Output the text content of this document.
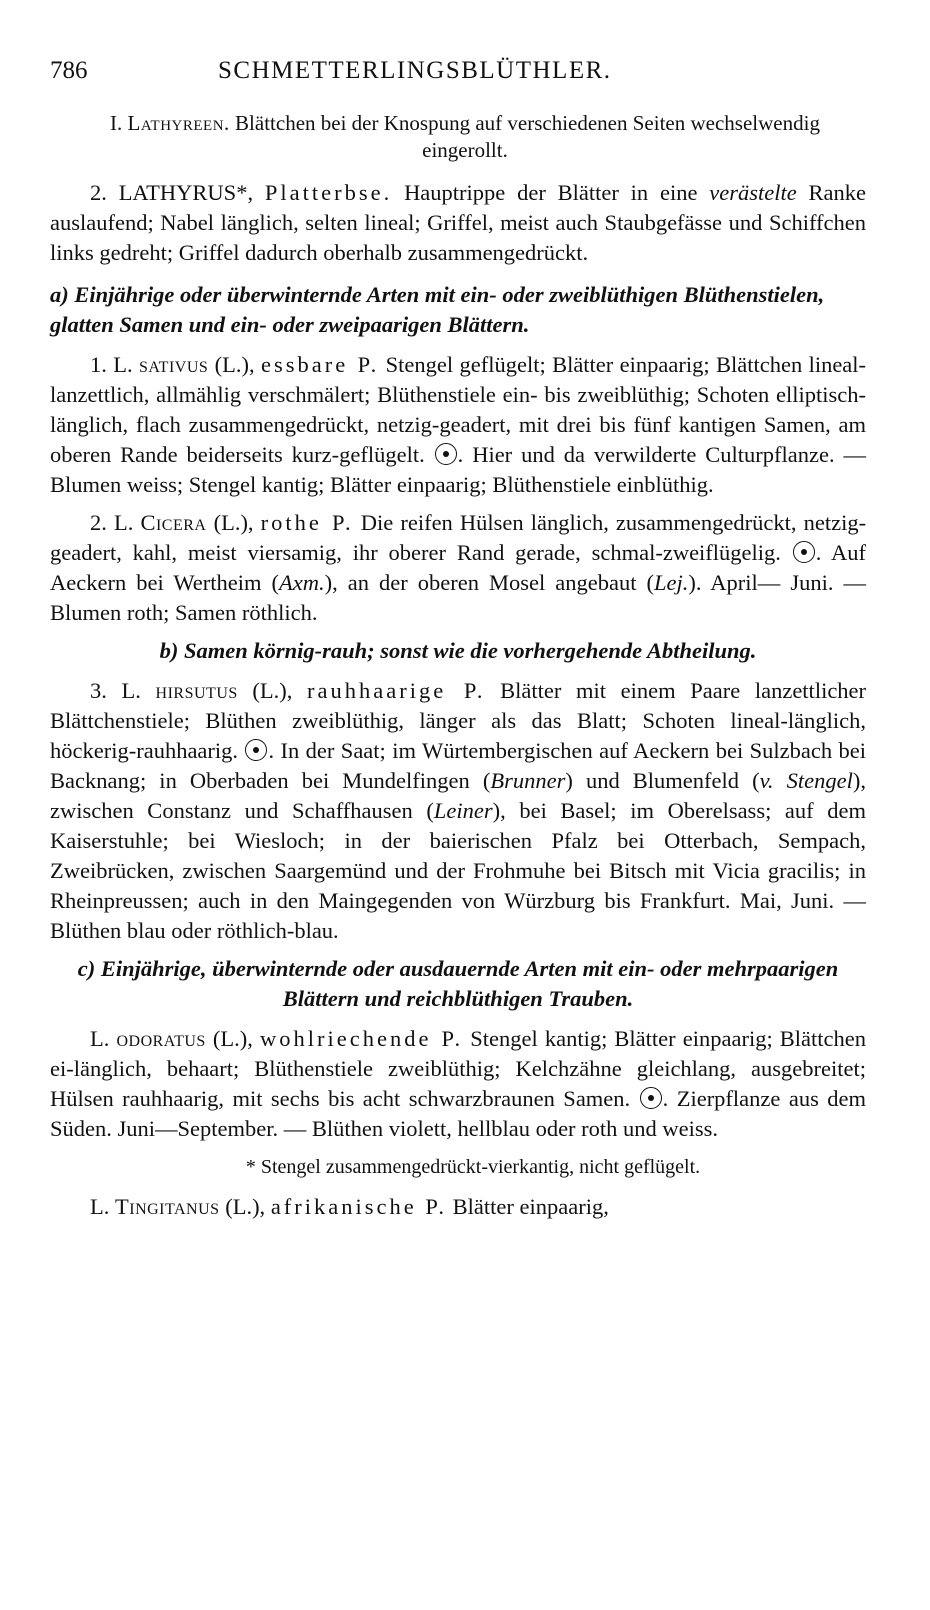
786	SCHMETTERLINGSBLÜTHLER.

I. Lathyreen. Blättchen bei der Knospung auf verschiedenen Seiten wechselwendig eingerollt.

2. LATHYRUS*, Platterbse. Hauptrippe der Blätter in eine verästelte Ranke auslaufend; Nabel länglich, selten lineal; Griffel, meist auch Staubgefässe und Schiffchen links gedreht; Griffel dadurch oberhalb zusammengedrückt.

a) Einjährige oder überwinternde Arten mit ein- oder zweiblüthigen Blüthenstielen, glatten Samen und ein- oder zweipaarigen Blättern.

1. L. sativus (L.), essbare P. Stengel geflügelt; Blätter einpaarig; Blättchen lineal-lanzettlich, allmählig verschmälert; Blüthenstiele ein- bis zweiblüthig; Schoten elliptisch-länglich, flach zusammengedrückt, netzig-geadert, mit drei bis fünf kantigen Samen, am oberen Rande beiderseits kurz-geflügelt. . Hier und da verwilderte Culturpflanze. — Blumen weiss; Stengel kantig; Blätter einpaarig; Blüthenstiele einblüthig.

2. L. Cicera (L.), rothe P. Die reifen Hülsen länglich, zusammengedrückt, netzig-geadert, kahl, meist viersamig, ihr oberer Rand gerade, schmal-zweiflügelig. . Auf Aeckern bei Wertheim (Axm.), an der oberen Mosel angebaut (Lej.). April— Juni. — Blumen roth; Samen röthlich.

b) Samen körnig-rauh; sonst wie die vorhergehende Abtheilung.

3. L. hirsutus (L.), rauhhaarige P. Blätter mit einem Paare lanzettlicher Blättchenstiele; Blüthen zweiblüthig, länger als das Blatt; Schoten lineal-länglich, höckerig-rauhhaarig. . In der Saat; im Würtembergischen auf Aeckern bei Sulzbach bei Backnang; in Oberbaden bei Mundelfingen (Brunner) und Blumenfeld (v. Stengel), zwischen Constanz und Schaffhausen (Leiner), bei Basel; im Oberelsass; auf dem Kaiserstuhle; bei Wiesloch; in der baierischen Pfalz bei Otterbach, Sempach, Zweibrücken, zwischen Saargemünd und der Frohmuhe bei Bitsch mit Vicia gracilis; in Rheinpreussen; auch in den Maingegenden von Würzburg bis Frankfurt. Mai, Juni. — Blüthen blau oder röthlich-blau.

c) Einjährige, überwinternde oder ausdauernde Arten mit ein- oder mehrpaarigen Blättern und reichblüthigen Trauben.

L. odoratus (L.), wohlriechende P. Stengel kantig; Blätter einpaarig; Blättchen ei-länglich, behaart; Blüthenstiele zweiblüthig; Kelchzähne gleichlang, ausgebreitet; Hülsen rauhhaarig, mit sechs bis acht schwarzbraunen Samen. . Zierpflanze aus dem Süden. Juni—September. — Blüthen violett, hellblau oder roth und weiss.

* Stengel zusammengedrückt-vierkantig, nicht geflügelt.

L. Tingitanus (L.), afrikanische P. Blätter einpaarig,
